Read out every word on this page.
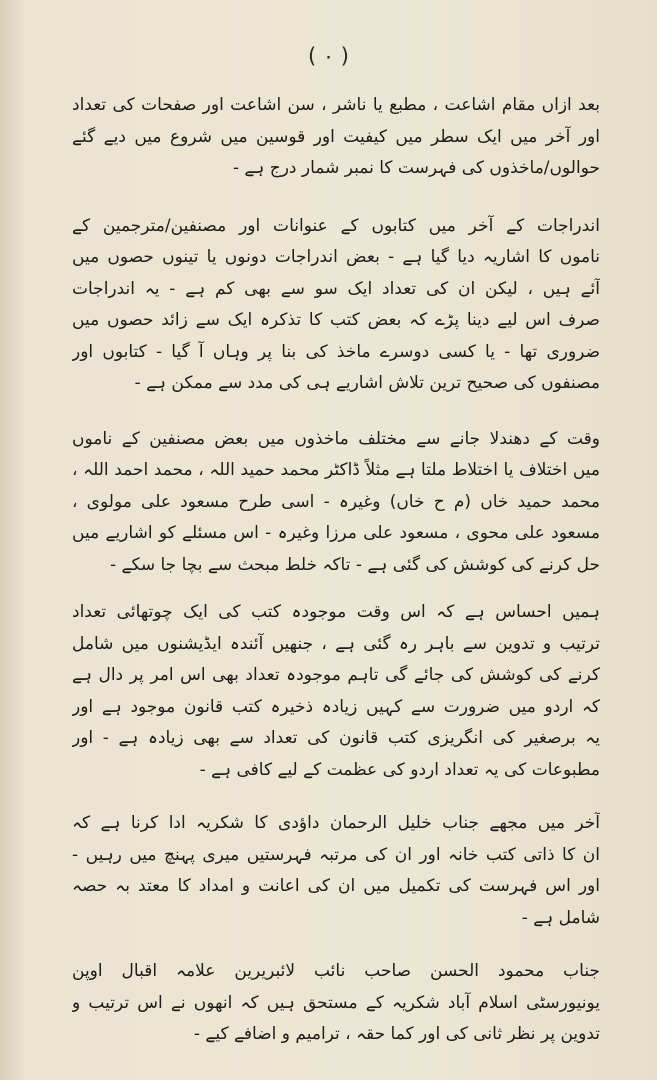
( ۰ )
بعد ازاں مقام اشاعت ، مطبع یا ناشر ، سن اشاعت اور صفحات کی تعداد
اور آخر میں ایک سطر میں کیفیت اور قوسین میں شروع میں دیے گئے
حوالوں/ماخذوں کی فہرست کا نمبر شمار درج ہے -
اندراجات کے آخر میں کتابوں کے عنوانات اور مصنفین/مترجمین کے
ناموں کا اشاریہ دیا گیا ہے - بعض اندراجات دونوں یا تینوں حصوں میں
آئے ہیں ، لیکن ان کی تعداد ایک سو سے بھی کم ہے - یہ اندراجات
صرف اس لیے دینا پڑے کہ بعض کتب کا تذکرہ ایک سے زائد حصوں میں
ضروری تھا - یا کسی دوسرے ماخذ کی بنا پر وہاں آ گیا - کتابوں اور
مصنفوں کی صحیح ترین تلاش اشاریے ہی کی مدد سے ممکن ہے -
وقت کے دھندلا جانے سے مختلف ماخذوں میں بعض مصنفین کے ناموں
میں اختلاف یا اختلاط ملتا ہے مثلاً ڈاکٹر محمد حمید اللہ ، محمد احمد اللہ ،
محمد حمید خاں (م ح خاں) وغیرہ - اسی طرح مسعود علی مولوی ،
مسعود علی محوی ، مسعود علی مرزا وغیرہ - اس مسئلے کو اشاریے میں
حل کرنے کی کوشش کی گئی ہے - تاکہ خلط مبحث سے بچا جا سکے -
ہمیں احساس ہے کہ اس وقت موجودہ کتب کی ایک چوتھائی تعداد
ترتیب و تدوین سے باہر رہ گئی ہے ، جنھیں آئندہ ایڈیشنوں میں شامل
کرنے کی کوشش کی جائے گی تاہم موجودہ تعداد بھی اس امر پر دال ہے
کہ اردو میں ضرورت سے کہیں زیادہ ذخیرہ کتب قانون موجود ہے اور
یہ برصغیر کی انگریزی کتب قانون کی تعداد سے بھی زیادہ ہے - اور
مطبوعات کی یہ تعداد اردو کی عظمت کے لیے کافی ہے -
آخر میں مجھے جناب خلیل الرحمان داؤدی کا شکریہ ادا کرنا ہے کہ
ان کا ذاتی کتب خانہ اور ان کی مرتبہ فہرستیں میری پہنچ میں رہیں -
اور اس فہرست کی تکمیل میں ان کی اعانت و امداد کا معتد بہ حصہ
شامل ہے -
جناب محمود الحسن صاحب نائب لائبریرین علامہ اقبال اوپن
یونیورسٹی اسلام آباد شکریہ کے مستحق ہیں کہ انھوں نے اس ترتیب و
تدوین پر نظر ثانی کی اور کما حقہ ، ترامیم و اضافے کیے -
